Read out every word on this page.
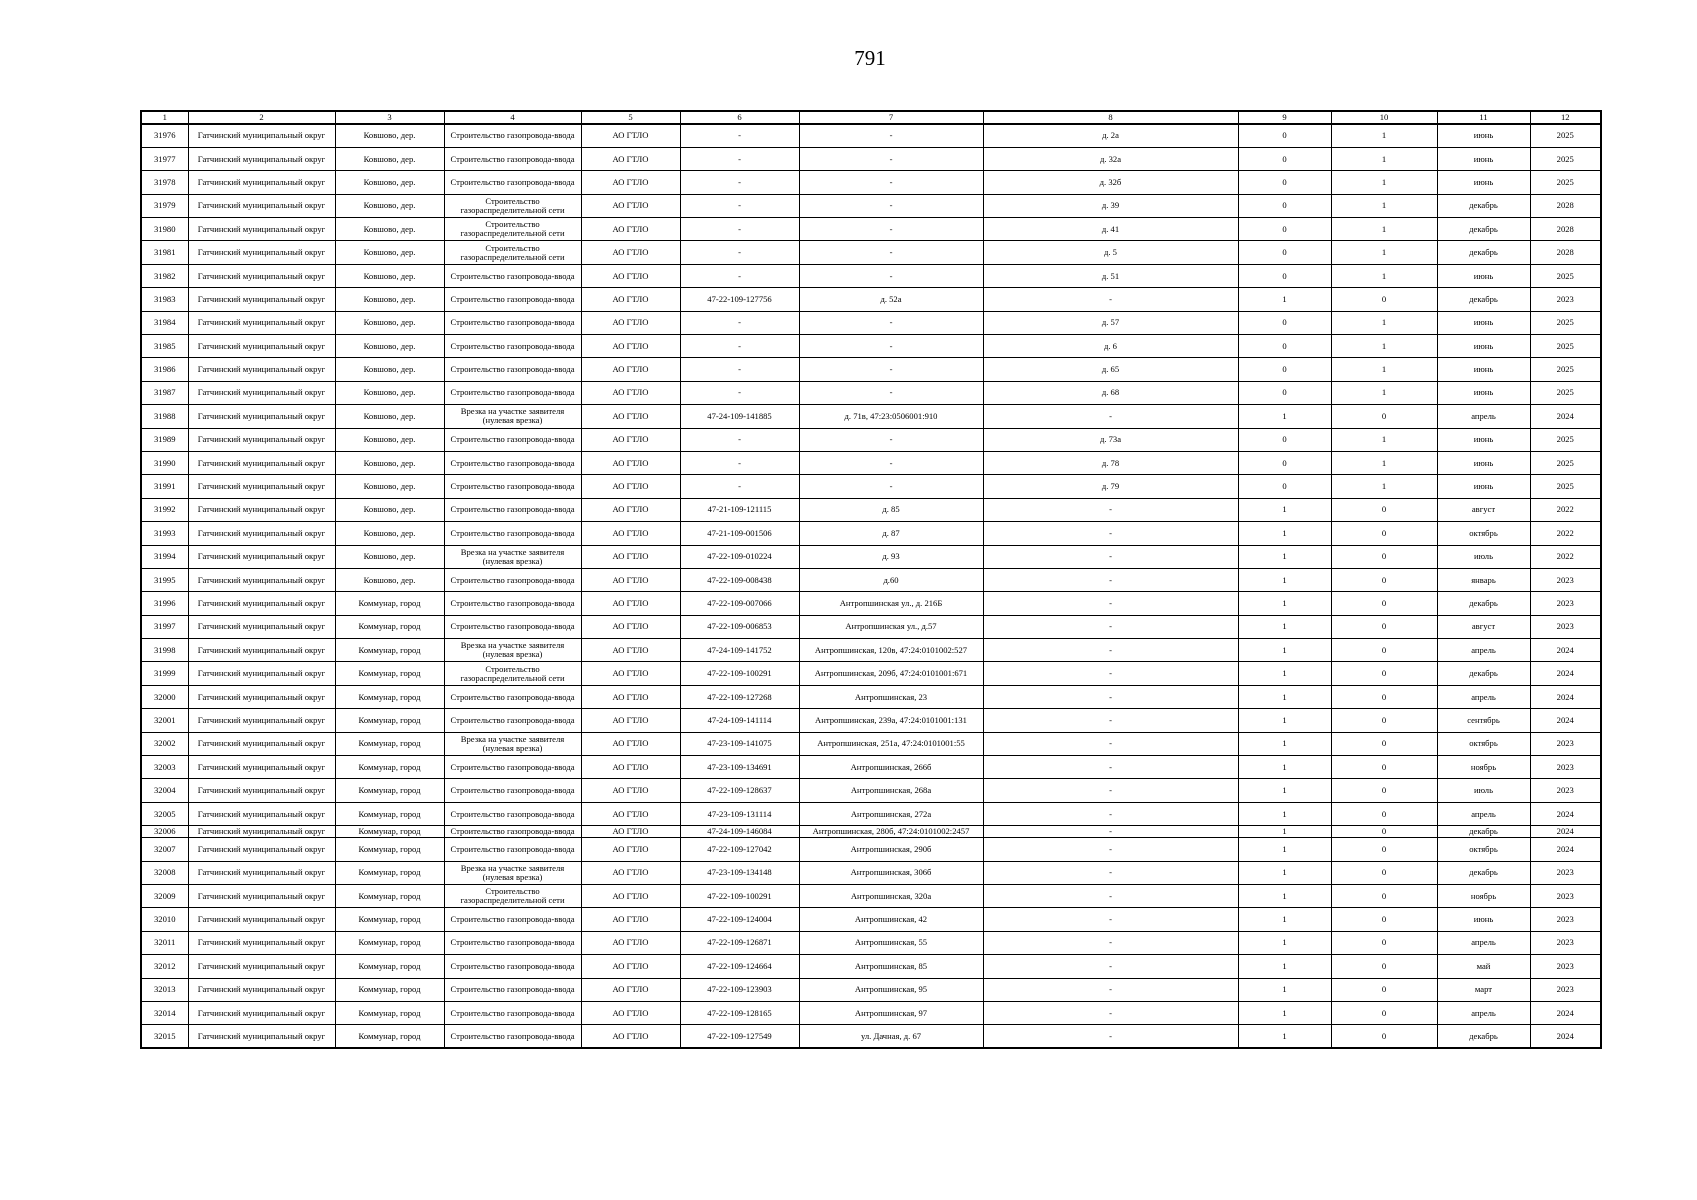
791
1	2	3	4	5	6	7	8	9	10	11	12
31976	Гатчинский муниципальный округ	Ковшово, дер.	Строительство газопровода-ввода	АО ГТЛО	-	-	д. 2а	0	1	июнь	2025
31977	Гатчинский муниципальный округ	Ковшово, дер.	Строительство газопровода-ввода	АО ГТЛО	-	-	д. 32а	0	1	июнь	2025
31978	Гатчинский муниципальный округ	Ковшово, дер.	Строительство газопровода-ввода	АО ГТЛО	-	-	д. 32б	0	1	июнь	2025
31979	Гатчинский муниципальный округ	Ковшово, дер.	Строительство газораспределительной сети	АО ГТЛО	-	-	д. 39	0	1	декабрь	2028
31980	Гатчинский муниципальный округ	Ковшово, дер.	Строительство газораспределительной сети	АО ГТЛО	-	-	д. 41	0	1	декабрь	2028
31981	Гатчинский муниципальный округ	Ковшово, дер.	Строительство газораспределительной сети	АО ГТЛО	-	-	д. 5	0	1	декабрь	2028
31982	Гатчинский муниципальный округ	Ковшово, дер.	Строительство газопровода-ввода	АО ГТЛО	-	-	д. 51	0	1	июнь	2025
31983	Гатчинский муниципальный округ	Ковшово, дер.	Строительство газопровода-ввода	АО ГТЛО	47-22-109-127756	д. 52а	-	1	0	декабрь	2023
31984	Гатчинский муниципальный округ	Ковшово, дер.	Строительство газопровода-ввода	АО ГТЛО	-	-	д. 57	0	1	июнь	2025
31985	Гатчинский муниципальный округ	Ковшово, дер.	Строительство газопровода-ввода	АО ГТЛО	-	-	д. 6	0	1	июнь	2025
31986	Гатчинский муниципальный округ	Ковшово, дер.	Строительство газопровода-ввода	АО ГТЛО	-	-	д. 65	0	1	июнь	2025
31987	Гатчинский муниципальный округ	Ковшово, дер.	Строительство газопровода-ввода	АО ГТЛО	-	-	д. 68	0	1	июнь	2025
31988	Гатчинский муниципальный округ	Ковшово, дер.	Врезка на участке заявителя (нулевая врезка)	АО ГТЛО	47-24-109-141885	д. 71в, 47:23:0506001:910	-	1	0	апрель	2024
31989	Гатчинский муниципальный округ	Ковшово, дер.	Строительство газопровода-ввода	АО ГТЛО	-	-	д. 73а	0	1	июнь	2025
31990	Гатчинский муниципальный округ	Ковшово, дер.	Строительство газопровода-ввода	АО ГТЛО	-	-	д. 78	0	1	июнь	2025
31991	Гатчинский муниципальный округ	Ковшово, дер.	Строительство газопровода-ввода	АО ГТЛО	-	-	д. 79	0	1	июнь	2025
31992	Гатчинский муниципальный округ	Ковшово, дер.	Строительство газопровода-ввода	АО ГТЛО	47-21-109-121115	д. 85	-	1	0	август	2022
31993	Гатчинский муниципальный округ	Ковшово, дер.	Строительство газопровода-ввода	АО ГТЛО	47-21-109-001506	д. 87	-	1	0	октябрь	2022
31994	Гатчинский муниципальный округ	Ковшово, дер.	Врезка на участке заявителя (нулевая врезка)	АО ГТЛО	47-22-109-010224	д. 93	-	1	0	июль	2022
31995	Гатчинский муниципальный округ	Ковшово, дер.	Строительство газопровода-ввода	АО ГТЛО	47-22-109-008438	д.60	-	1	0	январь	2023
31996	Гатчинский муниципальный округ	Коммунар, город	Строительство газопровода-ввода	АО ГТЛО	47-22-109-007066	Антропшинская ул., д. 216Б	-	1	0	декабрь	2023
31997	Гатчинский муниципальный округ	Коммунар, город	Строительство газопровода-ввода	АО ГТЛО	47-22-109-006853	Антропшинская ул., д.57	-	1	0	август	2023
31998	Гатчинский муниципальный округ	Коммунар, город	Врезка на участке заявителя (нулевая врезка)	АО ГТЛО	47-24-109-141752	Антропшинская, 120в, 47:24:0101002:527	-	1	0	апрель	2024
31999	Гатчинский муниципальный округ	Коммунар, город	Строительство газораспределительной сети	АО ГТЛО	47-22-109-100291	Антропшинская, 209б, 47:24:0101001:671	-	1	0	декабрь	2024
32000	Гатчинский муниципальный округ	Коммунар, город	Строительство газопровода-ввода	АО ГТЛО	47-22-109-127268	Антропшинская, 23	-	1	0	апрель	2024
32001	Гатчинский муниципальный округ	Коммунар, город	Строительство газопровода-ввода	АО ГТЛО	47-24-109-141114	Антропшинская, 239а, 47:24:0101001:131	-	1	0	сентябрь	2024
32002	Гатчинский муниципальный округ	Коммунар, город	Врезка на участке заявителя (нулевая врезка)	АО ГТЛО	47-23-109-141075	Антропшинская, 251а, 47:24:0101001:55	-	1	0	октябрь	2023
32003	Гатчинский муниципальный округ	Коммунар, город	Строительство газопровода-ввода	АО ГТЛО	47-23-109-134691	Антропшинская, 266б	-	1	0	ноябрь	2023
32004	Гатчинский муниципальный округ	Коммунар, город	Строительство газопровода-ввода	АО ГТЛО	47-22-109-128637	Антропшинская, 268а	-	1	0	июль	2023
32005	Гатчинский муниципальный округ	Коммунар, город	Строительство газопровода-ввода	АО ГТЛО	47-23-109-131114	Антропшинская, 272а	-	1	0	апрель	2024
32006	Гатчинский муниципальный округ	Коммунар, город	Строительство газопровода-ввода	АО ГТЛО	47-24-109-146084	Антропшинская, 280б, 47:24:0101002:2457	-	1	0	декабрь	2024
32007	Гатчинский муниципальный округ	Коммунар, город	Строительство газопровода-ввода	АО ГТЛО	47-22-109-127042	Антропшинская, 290б	-	1	0	октябрь	2024
32008	Гатчинский муниципальный округ	Коммунар, город	Врезка на участке заявителя (нулевая врезка)	АО ГТЛО	47-23-109-134148	Антропшинская, 306б	-	1	0	декабрь	2023
32009	Гатчинский муниципальный округ	Коммунар, город	Строительство газораспределительной сети	АО ГТЛО	47-22-109-100291	Антропшинская, 320а	-	1	0	ноябрь	2023
32010	Гатчинский муниципальный округ	Коммунар, город	Строительство газопровода-ввода	АО ГТЛО	47-22-109-124004	Антропшинская, 42	-	1	0	июнь	2023
32011	Гатчинский муниципальный округ	Коммунар, город	Строительство газопровода-ввода	АО ГТЛО	47-22-109-126871	Антропшинская, 55	-	1	0	апрель	2023
32012	Гатчинский муниципальный округ	Коммунар, город	Строительство газопровода-ввода	АО ГТЛО	47-22-109-124664	Антропшинская, 85	-	1	0	май	2023
32013	Гатчинский муниципальный округ	Коммунар, город	Строительство газопровода-ввода	АО ГТЛО	47-22-109-123903	Антропшинская, 95	-	1	0	март	2023
32014	Гатчинский муниципальный округ	Коммунар, город	Строительство газопровода-ввода	АО ГТЛО	47-22-109-128165	Антропшинская, 97	-	1	0	апрель	2024
32015	Гатчинский муниципальный округ	Коммунар, город	Строительство газопровода-ввода	АО ГТЛО	47-22-109-127549	ул. Дачная, д. 67	-	1	0	декабрь	2024
